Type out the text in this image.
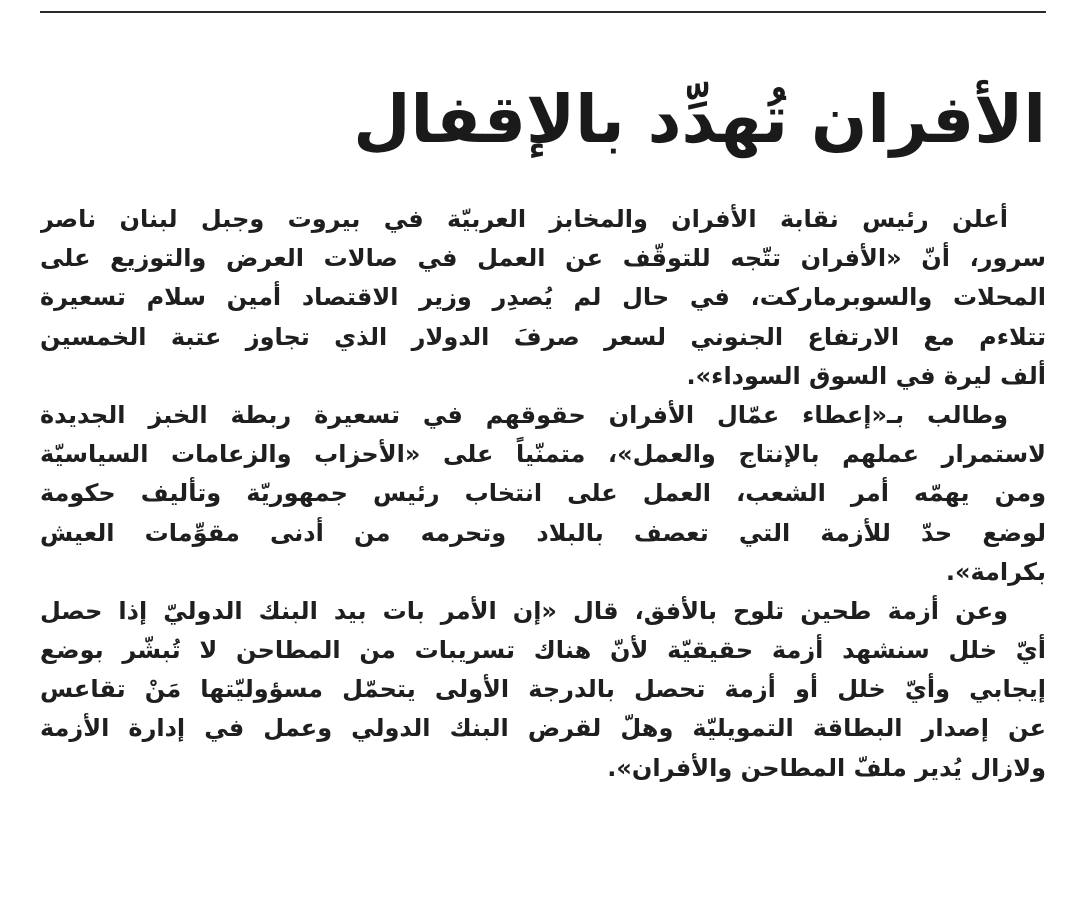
الأفران تُهدِّد بالإقفال
أعلن رئيس نقابة الأفران والمخابز العربيّة في بيروت وجبل لبنان ناصر
سرور، أنّ «الأفران تتّجه للتوقّف عن العمل في صالات العرض والتوزيع على
المحلات والسوبرماركت، في حال لم يُصدِر وزير الاقتصاد أمين سلام تسعيرة
تتلاءم مع الارتفاع الجنوني لسعر صرفَ الدولار الذي تجاوز عتبة الخمسين
ألف ليرة في السوق السوداء».
وطالب بـ«إعطاء عمّال الأفران حقوقهم في تسعيرة ربطة الخبز الجديدة
لاستمرار عملهم بالإنتاج والعمل»، متمنّياً على «الأحزاب والزعامات السياسيّة
ومن يهمّه أمر الشعب، العمل على انتخاب رئيس جمهوريّة وتأليف حكومة
لوضع حدّ للأزمة التي تعصف بالبلاد وتحرمه من أدنى مقوِّمات العيش
بكرامة».
وعن أزمة طحين تلوح بالأفق، قال «إن الأمر بات بيد البنك الدوليّ إذا حصل
أيّ خلل سنشهد أزمة حقيقيّة لأنّ هناك تسريبات من المطاحن لا تُبشّر بوضع
إيجابي وأيّ خلل أو أزمة تحصل بالدرجة الأولى يتحمّل مسؤوليّتها مَنْ تقاعس
عن إصدار البطاقة التمويليّة وهلّ لقرض البنك الدولي وعمل في إدارة الأزمة
ولازال يُدير ملفّ المطاحن والأفران».
